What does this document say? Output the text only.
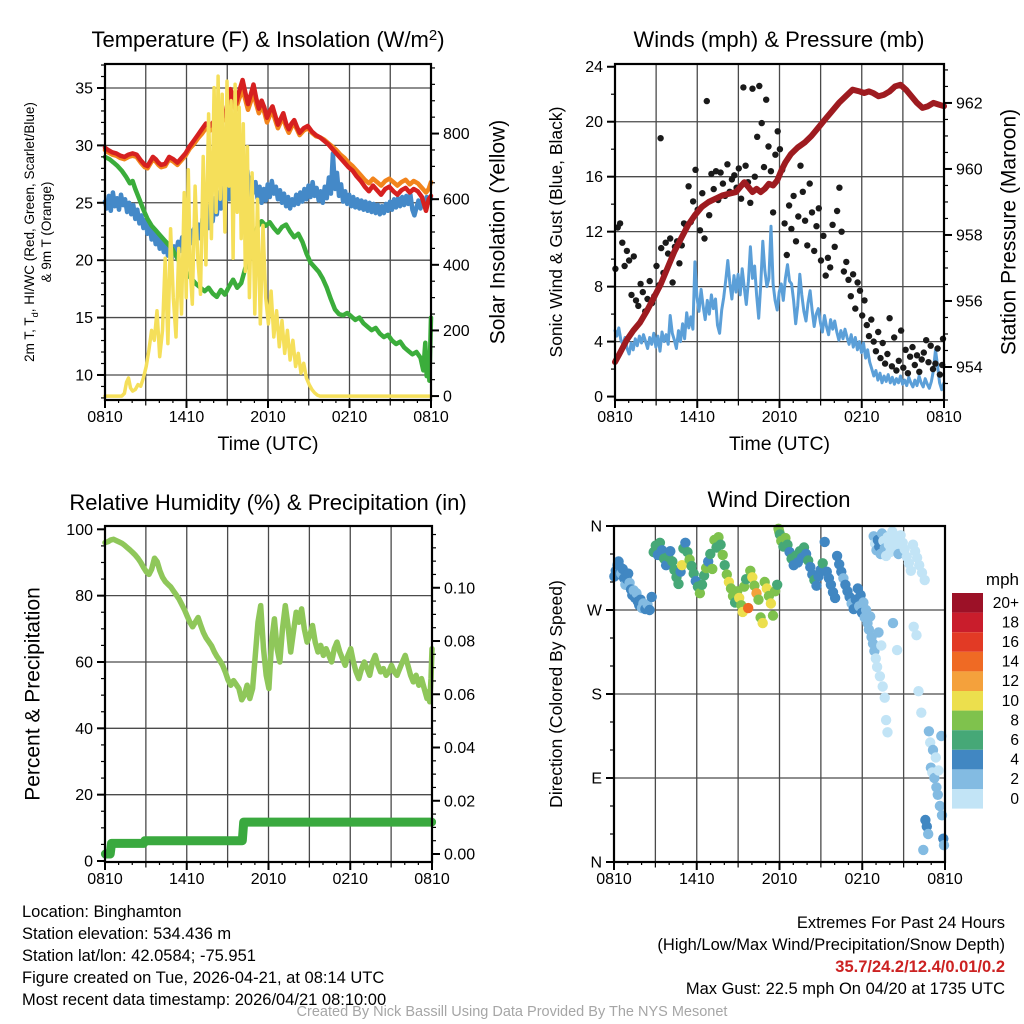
0810	1410	2010	0210	0810
Time (UTC)
10
15
20
25
30
35
2m T, $T_d$, HI/WC (Red, Green, Scarlet/Blue) & 9m T (Orange)
0
200
400
600
800 Solar Insolation (Yellow)
Temperature (F) & Insolation $(W/m^2)$
0810	1410	2010	0210	0810
Time (UTC)
0
4
8
12
16
20
24
Sonic Wind & Gust (Blue, Black)
954
956
958
960
962
Station Pressure (Maroon)
Winds (mph) & Pressure (mb)
0810	1410	2010	0210	0810
0
20
40
60
80
100
Percent & Precipitation
0.00
0.02
0.04
0.06
0.08
0.10
Relative Humidity (%) & Precipitation (in)
0810	1410	2010	0210	0810
N
E
S
W
N
Direction (Colored By Speed)
Wind Direction
mph
20+
18
16
14
12
10
8
6
4
2
0
Location: Binghamton
Station elevation: 534.436 m
Station lat/lon: 42.0584; -75.951
Figure created on Tue, 2026-04-21, at 08:14 UTC
Most recent data timestamp: 2026/04/21 08:10:00
Extremes For Past 24 Hours
(High/Low/Max Wind/Precipitation/Snow Depth)
35.7/24.2/12.4/0.01/0.2
Max Gust: 22.5 mph On 04/20 at 1735 UTC
Created By Nick Bassill Using Data Provided By The NYS Mesonet
